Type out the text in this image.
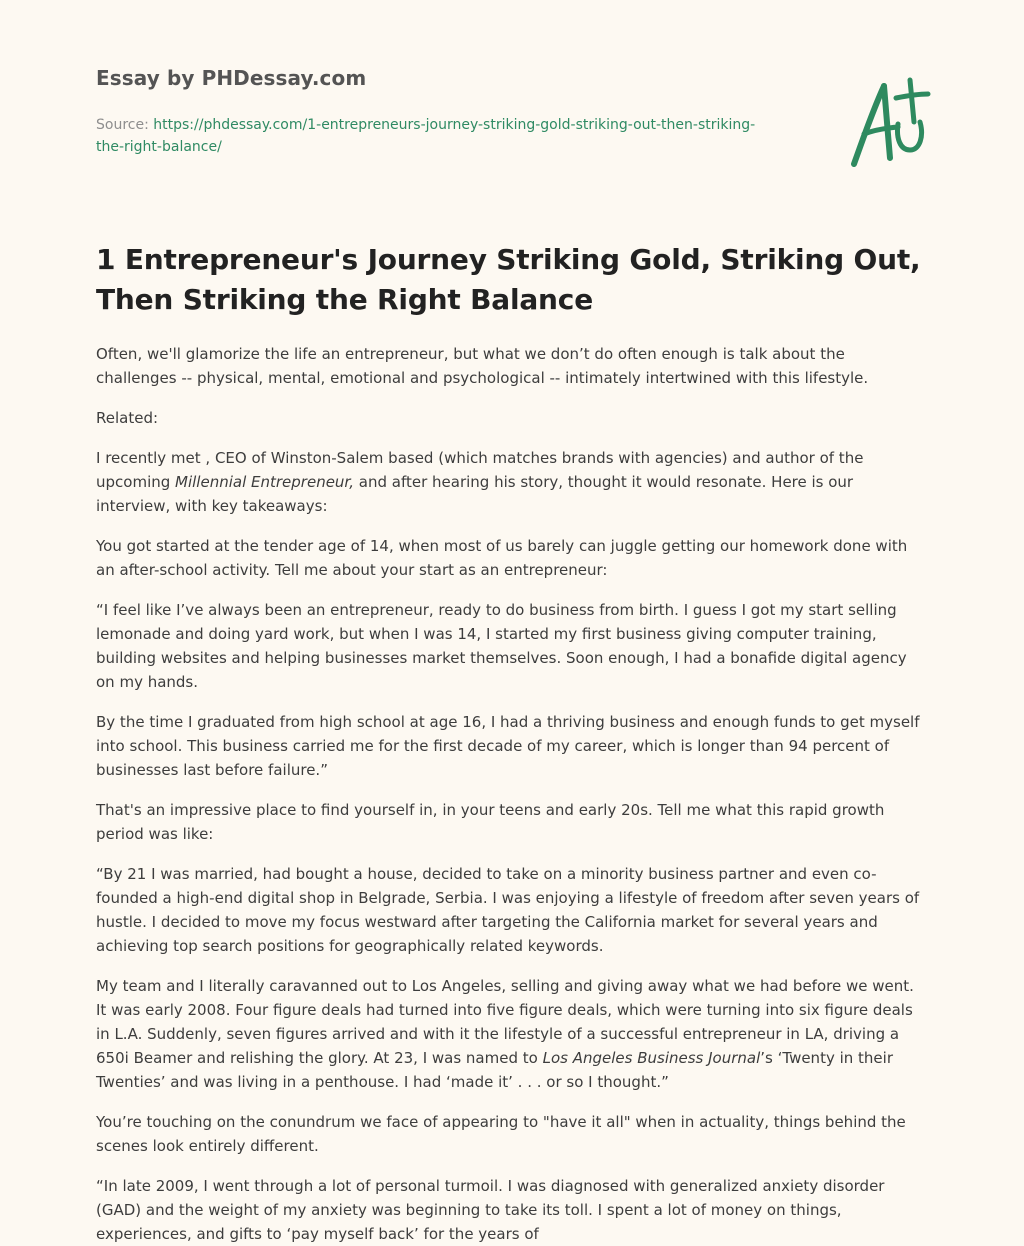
Essay by PHDessay.com
Source: https://phdessay.com/1-entrepreneurs-journey-striking-gold-striking-out-then-striking-the-right-balance/
1 Entrepreneur's Journey Striking Gold, Striking Out, Then Striking the Right Balance

Often, we'll glamorize the life an entrepreneur, but what we don’t do often enough is talk about the challenges -- physical, mental, emotional and psychological -- intimately intertwined with this lifestyle.

Related:

I recently met , CEO of Winston-Salem based (which matches brands with agencies) and author of the upcoming Millennial Entrepreneur, and after hearing his story, thought it would resonate. Here is our interview, with key takeaways:

You got started at the tender age of 14, when most of us barely can juggle getting our homework done with an after-school activity. Tell me about your start as an entrepreneur:

“I feel like I’ve always been an entrepreneur, ready to do business from birth. I guess I got my start selling lemonade and doing yard work, but when I was 14, I started my first business giving computer training, building websites and helping businesses market themselves. Soon enough, I had a bonafide digital agency on my hands.

By the time I graduated from high school at age 16, I had a thriving business and enough funds to get myself into school. This business carried me for the first decade of my career, which is longer than 94 percent of businesses last before failure.”

That's an impressive place to find yourself in, in your teens and early 20s. Tell me what this rapid growth period was like:

“By 21 I was married, had bought a house, decided to take on a minority business partner and even co-founded a high-end digital shop in Belgrade, Serbia. I was enjoying a lifestyle of freedom after seven years of hustle. I decided to move my focus westward after targeting the California market for several years and achieving top search positions for geographically related keywords.

My team and I literally caravanned out to Los Angeles, selling and giving away what we had before we went. It was early 2008. Four figure deals had turned into five figure deals, which were turning into six figure deals in L.A. Suddenly, seven figures arrived and with it the lifestyle of a successful entrepreneur in LA, driving a 650i Beamer and relishing the glory. At 23, I was named to Los Angeles Business Journal’s ‘Twenty in their Twenties’ and was living in a penthouse. I had ‘made it’ . . . or so I thought.”

You’re touching on the conundrum we face of appearing to "have it all" when in actuality, things behind the scenes look entirely different.

“In late 2009, I went through a lot of personal turmoil. I was diagnosed with generalized anxiety disorder (GAD) and the weight of my anxiety was beginning to take its toll. I spent a lot of money on things, experiences, and gifts to ‘pay myself back’ for the years of
